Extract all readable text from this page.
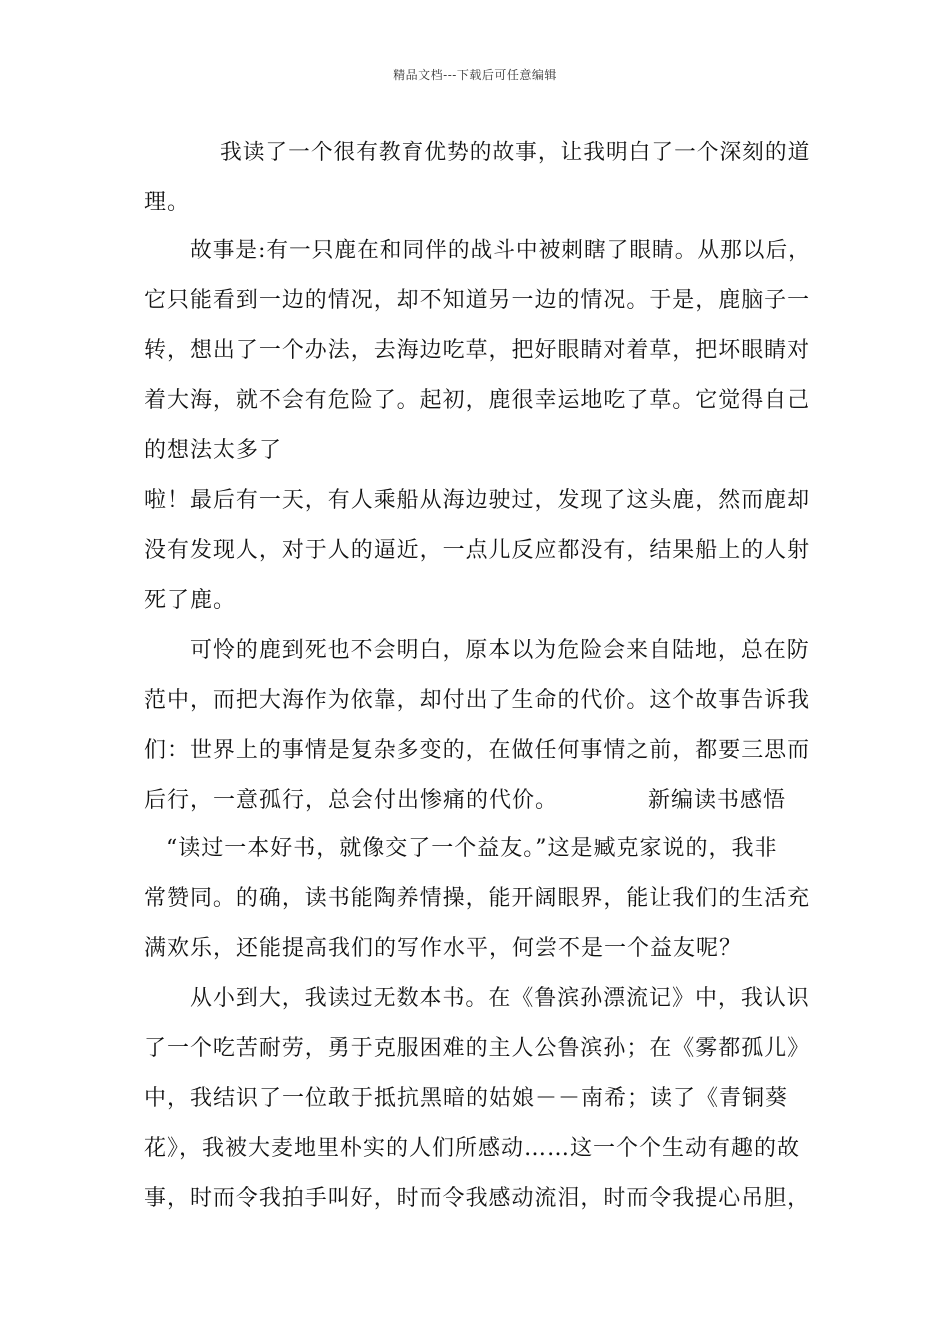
精品文档---下载后可任意编辑
我读了一个很有教育优势的故事，让我明白了一个深刻的道
理。
故事是:有一只鹿在和同伴的战斗中被刺瞎了眼睛。从那以后，
它只能看到一边的情况，却不知道另一边的情况。于是，鹿脑子一
转，想出了一个办法，去海边吃草，把好眼睛对着草，把坏眼睛对
着大海，就不会有危险了。起初，鹿很幸运地吃了草。它觉得自己
的想法太多了
啦！最后有一天，有人乘船从海边驶过，发现了这头鹿，然而鹿却
没有发现人，对于人的逼近，一点儿反应都没有，结果船上的人射
死了鹿。
可怜的鹿到死也不会明白，原本以为危险会来自陆地，总在防
范中，而把大海作为依靠，却付出了生命的代价。这个故事告诉我
们：世界上的事情是复杂多变的，在做任何事情之前，都要三思而
后行，一意孤行，总会付出惨痛的代价。	新编读书感悟
“读过一本好书，就像交了一个益友。”这是臧克家说的，我非
常赞同。的确，读书能陶养情操，能开阔眼界，能让我们的生活充
满欢乐，还能提高我们的写作水平，何尝不是一个益友呢？
从小到大，我读过无数本书。在《鲁滨孙漂流记》中，我认识
了一个吃苦耐劳，勇于克服困难的主人公鲁滨孙；在《雾都孤儿》
中，我结识了一位敢于抵抗黑暗的姑娘－－南希；读了《青铜葵
花》，我被大麦地里朴实的人们所感动……这一个个生动有趣的故
事，时而令我拍手叫好，时而令我感动流泪，时而令我提心吊胆，
